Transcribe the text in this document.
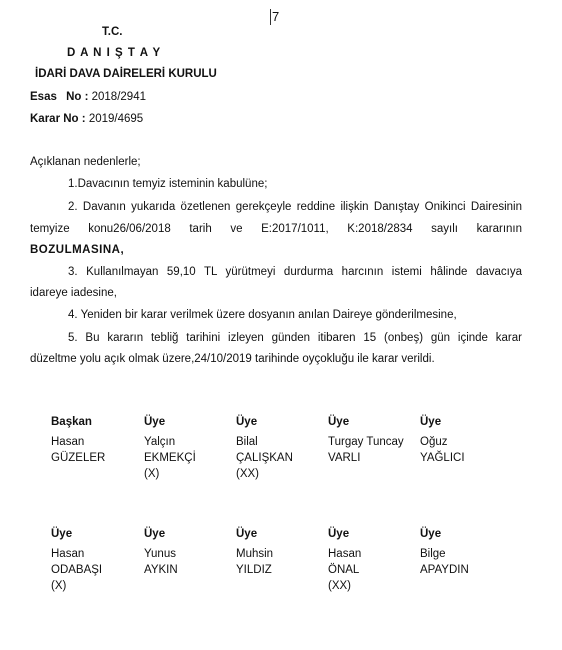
7
T.C.
D A N I Ş T A Y
İDARİ DAVA DAİRELERİ KURULU
Esas No : 2018/2941
Karar No : 2019/4695
Açıklanan nedenlerle;
1.Davacının temyiz isteminin kabulüne;
2. Davanın yukarıda özetlenen gerekçeyle reddine ilişkin Danıştay Onikinci Dairesinin
temyize konu26/06/2018 tarih ve E:2017/1011, K:2018/2834 sayılı kararının
BOZULMASINA,
3. Kullanılmayan 59,10 TL yürütmeyi durdurma harcının istemi hâlinde davacıya
idareye iadesine,
4. Yeniden bir karar verilmek üzere dosyanın anılan Daireye gönderilmesine,
5. Bu kararın tebliğ tarihini izleyen günden itibaren 15 (onbeş) gün içinde karar
düzeltme yolu açık olmak üzere,24/10/2019 tarihinde oyçokluğu ile karar verildi.
Başkan
Hasan
GÜZELER
Üye
Yalçın
EKMEKÇİ
(X)
Üye
Bilal
ÇALIŞKAN
(XX)
Üye
Turgay Tuncay
VARLI
Üye
Oğuz
YAĞLICI
Üye
Hasan
ODABAŞI
(X)
Üye
Yunus
AYKIN
Üye
Muhsin
YILDIZ
Üye
Hasan
ÖNAL
(XX)
Üye
Bilge
APAYDIN
